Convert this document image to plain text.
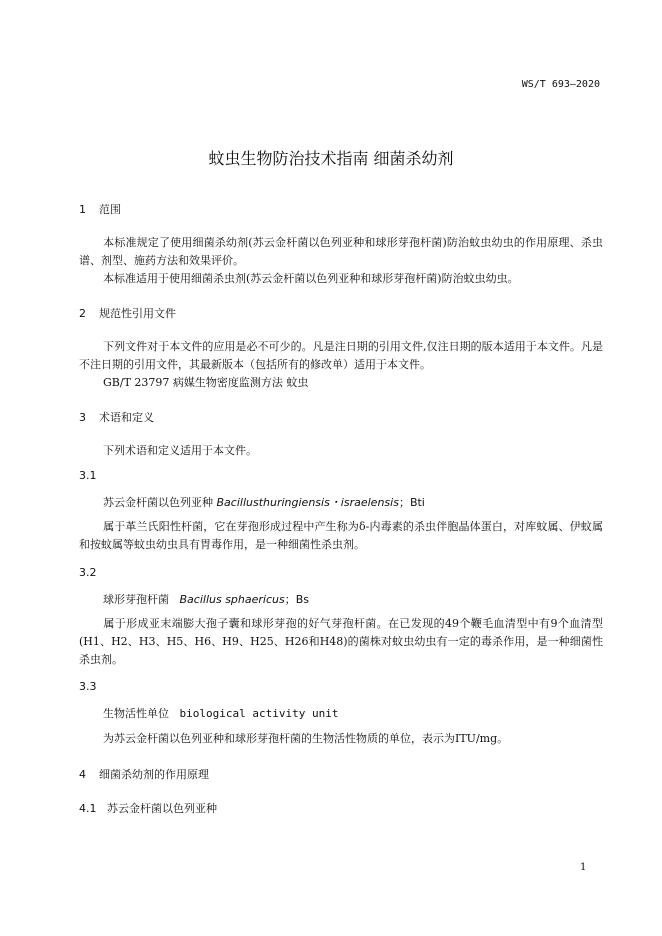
WS/T 693—2020
蚊虫生物防治技术指南 细菌杀幼剂
1 范围
本标准规定了使用细菌杀幼剂(苏云金杆菌以色列亚种和球形芽孢杆菌)防治蚊虫幼虫的作用原理、杀虫谱、剂型、施药方法和效果评价。
本标准适用于使用细菌杀虫剂(苏云金杆菌以色列亚种和球形芽孢杆菌)防治蚊虫幼虫。
2 规范性引用文件
下列文件对于本文件的应用是必不可少的。凡是注日期的引用文件,仅注日期的版本适用于本文件。凡是不注日期的引用文件，其最新版本（包括所有的修改单）适用于本文件。
GB/T 23797 病媒生物密度监测方法 蚊虫
3 术语和定义
下列术语和定义适用于本文件。
3.1
苏云金杆菌以色列亚种 Bacillusthuringiensis・israelensis；Bti
属于革兰氏阳性杆菌，它在芽孢形成过程中产生称为δ-内毒素的杀虫伴胞晶体蛋白，对库蚊属、伊蚊属和按蚊属等蚊虫幼虫具有胃毒作用，是一种细菌性杀虫剂。
3.2
球形芽孢杆菌 Bacillus sphaericus；Bs
属于形成亚末端膨大孢子囊和球形芽孢的好气芽孢杆菌。在已发现的49个鞭毛血清型中有9个血清型(H1、H2、H3、H5、H6、H9、H25、H26和H48)的菌株对蚊虫幼虫有一定的毒杀作用，是一种细菌性杀虫剂。
3.3
生物活性单位 biological activity unit
为苏云金杆菌以色列亚种和球形芽孢杆菌的生物活性物质的单位，表示为ITU/mg。
4 细菌杀幼剂的作用原理
4.1 苏云金杆菌以色列亚种
1
